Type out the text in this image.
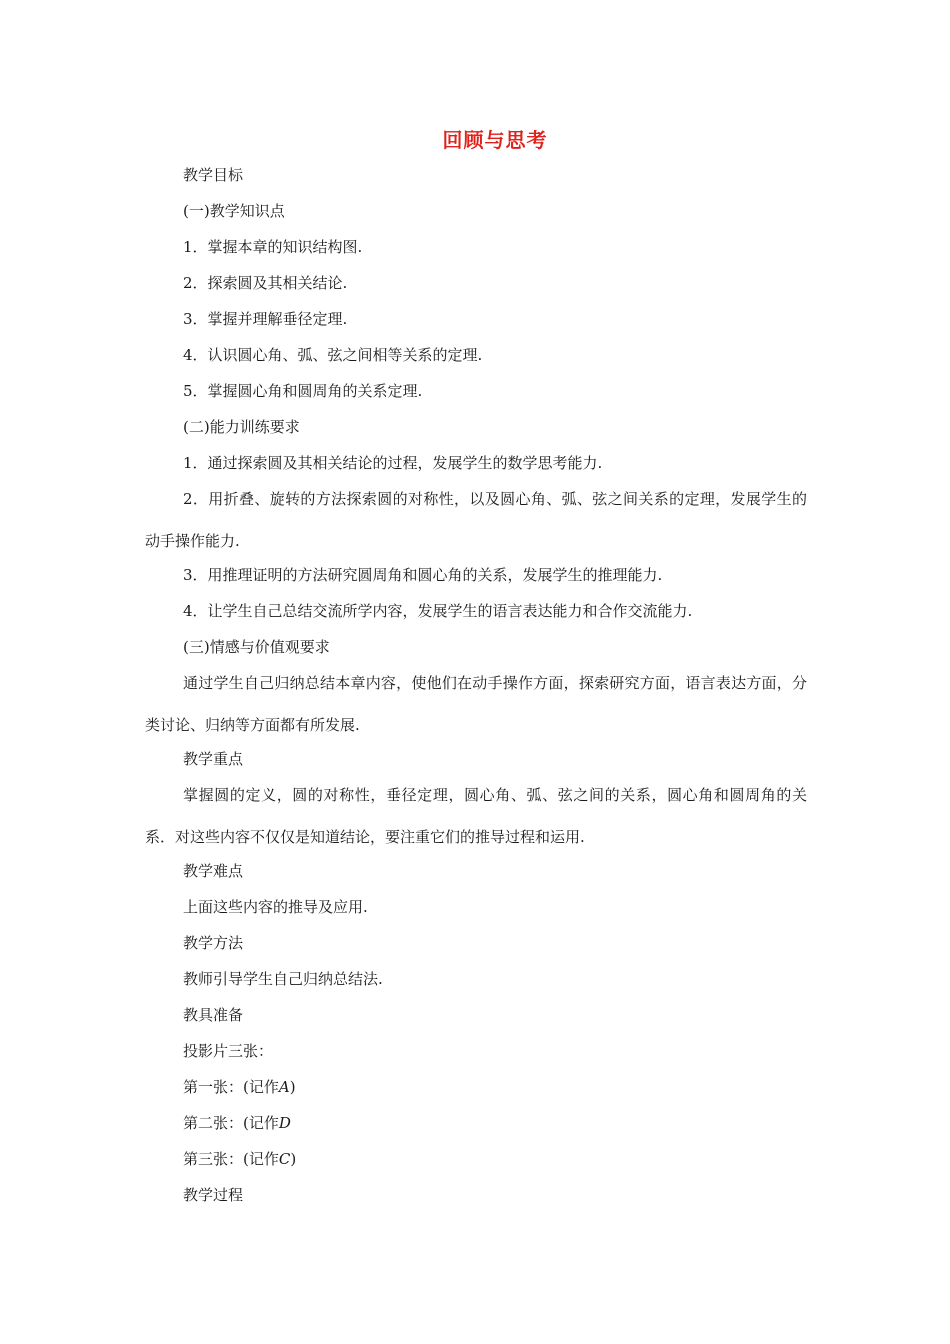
回顾与思考
教学目标
(一)教学知识点
1．掌握本章的知识结构图.
2．探索圆及其相关结论.
3．掌握并理解垂径定理.
4．认识圆心角、弧、弦之间相等关系的定理.
5．掌握圆心角和圆周角的关系定理.
(二)能力训练要求
1．通过探索圆及其相关结论的过程，发展学生的数学思考能力.
2．用折叠、旋转的方法探索圆的对称性，以及圆心角、弧、弦之间关系的定理，发展学生的动手操作能力.
3．用推理证明的方法研究圆周角和圆心角的关系，发展学生的推理能力.
4．让学生自己总结交流所学内容，发展学生的语言表达能力和合作交流能力.
(三)情感与价值观要求
通过学生自己归纳总结本章内容，使他们在动手操作方面，探索研究方面，语言表达方面，分类讨论、归纳等方面都有所发展.
教学重点
掌握圆的定义，圆的对称性，垂径定理，圆心角、弧、弦之间的关系，圆心角和圆周角的关系．对这些内容不仅仅是知道结论，要注重它们的推导过程和运用.
教学难点
上面这些内容的推导及应用.
教学方法
教师引导学生自己归纳总结法.
教具准备
投影片三张：
第一张：(记作A)
第二张：(记作D
第三张：(记作C)
教学过程
